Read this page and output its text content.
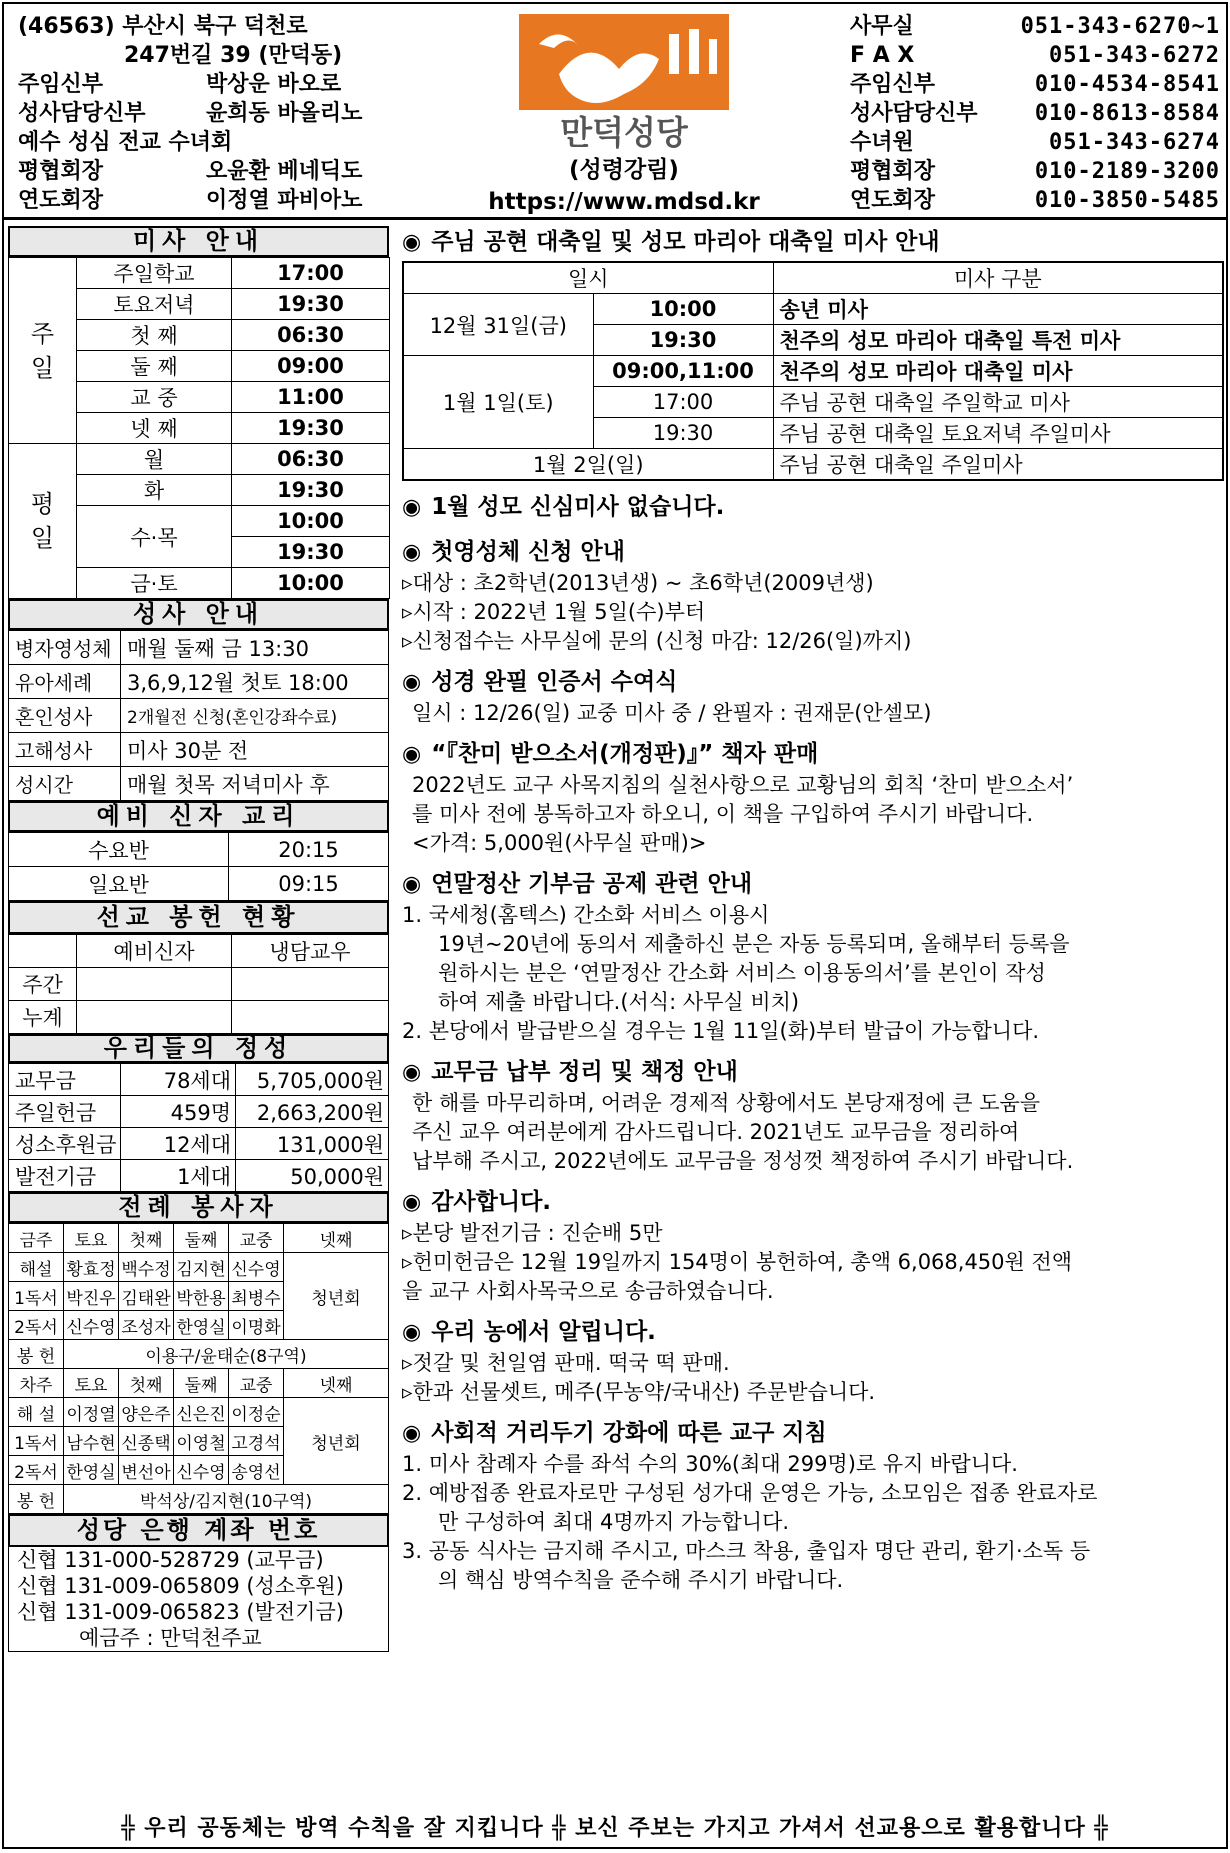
(46563) 부산시 북구 덕천로
247번길 39 (만덕동)
주임신부	박상운 바오로
성사담당신부	윤희동 바올리노
예수 성심 전교 수녀회
평협회장	오윤환 베네딕도
연도회장	이정열 파비아노
만덕성당
(성령강림)
https://www.mdsd.kr
사무실	051-343-6270~1
F A X	051-343-6272
주임신부	010-4534-8541
성사담당신부	010-8613-8584
수녀원	051-343-6274
평협회장	010-2189-3200
연도회장	010-3850-5485
미사 안내
주 일	주일학교	17:00
	토요저녁	19:30
	첫 째	06:30
	둘 째	09:00
	교 중	11:00
	넷 째	19:30
평 일	월	06:30
	화	19:30
	수·목	10:00
		19:30
	금·토	10:00
성사 안내
병자영성체	매월 둘째 금 13:30
유아세례	3,6,9,12월 첫토 18:00
혼인성사	2개월전 신청(혼인강좌수료)
고해성사	미사 30분 전
성시간	매월 첫목 저녁미사 후
예비 신자 교리
수요반	20:15
일요반	09:15
선교 봉헌 현황
	예비신자	냉담교우
주간		
누계		
우리들의 정성
교무금	78세대	5,705,000원
주일헌금	459명	2,663,200원
성소후원금	12세대	131,000원
발전기금	1세대	50,000원
전례 봉사자
금주	토요	첫째	둘째	교중	넷째
해설	황효정	백수정	김지현	신수영	청년회
1독서	박진우	김태완	박한용	최병수	
2독서	신수영	조성자	한영실	이명화	
봉 헌	이용구/윤태순(8구역)				
차주	토요	첫째	둘째	교중	넷째
해 설	이정열	양은주	신은진	이정순	청년회
1독서	남수현	신종택	이영철	고경석	
2독서	한영실	변선아	신수영	송영선	
봉 헌	박석상/김지현(10구역)				
성당 은행 계좌 번호
신협 131-000-528729 (교무금)
신협 131-009-065809 (성소후원)
신협 131-009-065823 (발전기금)
예금주 : 만덕천주교
◉ 주님 공현 대축일 및 성모 마리아 대축일 미사 안내
일시		미사 구분
12월 31일(금)	10:00	송년 미사
	19:30	천주의 성모 마리아 대축일 특전 미사
1월 1일(토)	09:00,11:00	천주의 성모 마리아 대축일 미사
	17:00	주님 공현 대축일 주일학교 미사
	19:30	주님 공현 대축일 토요저녁 주일미사
1월 2일(일)		주님 공현 대축일 주일미사
◉ 1월 성모 신심미사 없습니다.
◉ 첫영성체 신청 안내
▹대상 : 초2학년(2013년생) ~ 초6학년(2009년생)
▹시작 : 2022년 1월 5일(수)부터
▹신청접수는 사무실에 문의 (신청 마감: 12/26(일)까지)
◉ 성경 완필 인증서 수여식
일시 : 12/26(일) 교중 미사 중 / 완필자 : 권재문(안셀모)
◉ “『찬미 받으소서(개정판)』” 책자 판매
2022년도 교구 사목지침의 실천사항으로 교황님의 회칙 ‘찬미 받으소서’
를 미사 전에 봉독하고자 하오니, 이 책을 구입하여 주시기 바랍니다.
<가격: 5,000원(사무실 판매)>
◉ 연말정산 기부금 공제 관련 안내
1. 국세청(홈텍스) 간소화 서비스 이용시
19년~20년에 동의서 제출하신 분은 자동 등록되며, 올해부터 등록을
원하시는 분은 ‘연말정산 간소화 서비스 이용동의서’를 본인이 작성
하여 제출 바랍니다.(서식: 사무실 비치)
2. 본당에서 발급받으실 경우는 1월 11일(화)부터 발급이 가능합니다.
◉ 교무금 납부 정리 및 책정 안내
한 해를 마무리하며, 어려운 경제적 상황에서도 본당재정에 큰 도움을
주신 교우 여러분에게 감사드립니다. 2021년도 교무금을 정리하여
납부해 주시고, 2022년에도 교무금을 정성껏 책정하여 주시기 바랍니다.
◉ 감사합니다.
▹본당 발전기금 : 진순배 5만
▹헌미헌금은 12월 19일까지 154명이 봉헌하여, 총액 6,068,450원 전액
을 교구 사회사목국으로 송금하였습니다.
◉ 우리 농에서 알립니다.
▹젓갈 및 천일염 판매. 떡국 떡 판매.
▹한과 선물셋트, 메주(무농약/국내산) 주문받습니다.
◉ 사회적 거리두기 강화에 따른 교구 지침
1. 미사 참례자 수를 좌석 수의 30%(최대 299명)로 유지 바랍니다.
2. 예방접종 완료자로만 구성된 성가대 운영은 가능, 소모임은 접종 완료자로
만 구성하여 최대 4명까지 가능합니다.
3. 공동 식사는 금지해 주시고, 마스크 착용, 출입자 명단 관리, 환기·소독 등
의 핵심 방역수칙을 준수해 주시기 바랍니다.
╬ 우리 공동체는 방역 수칙을 잘 지킵니다 ╬ 보신 주보는 가지고 가셔서 선교용으로 활용합니다 ╬
